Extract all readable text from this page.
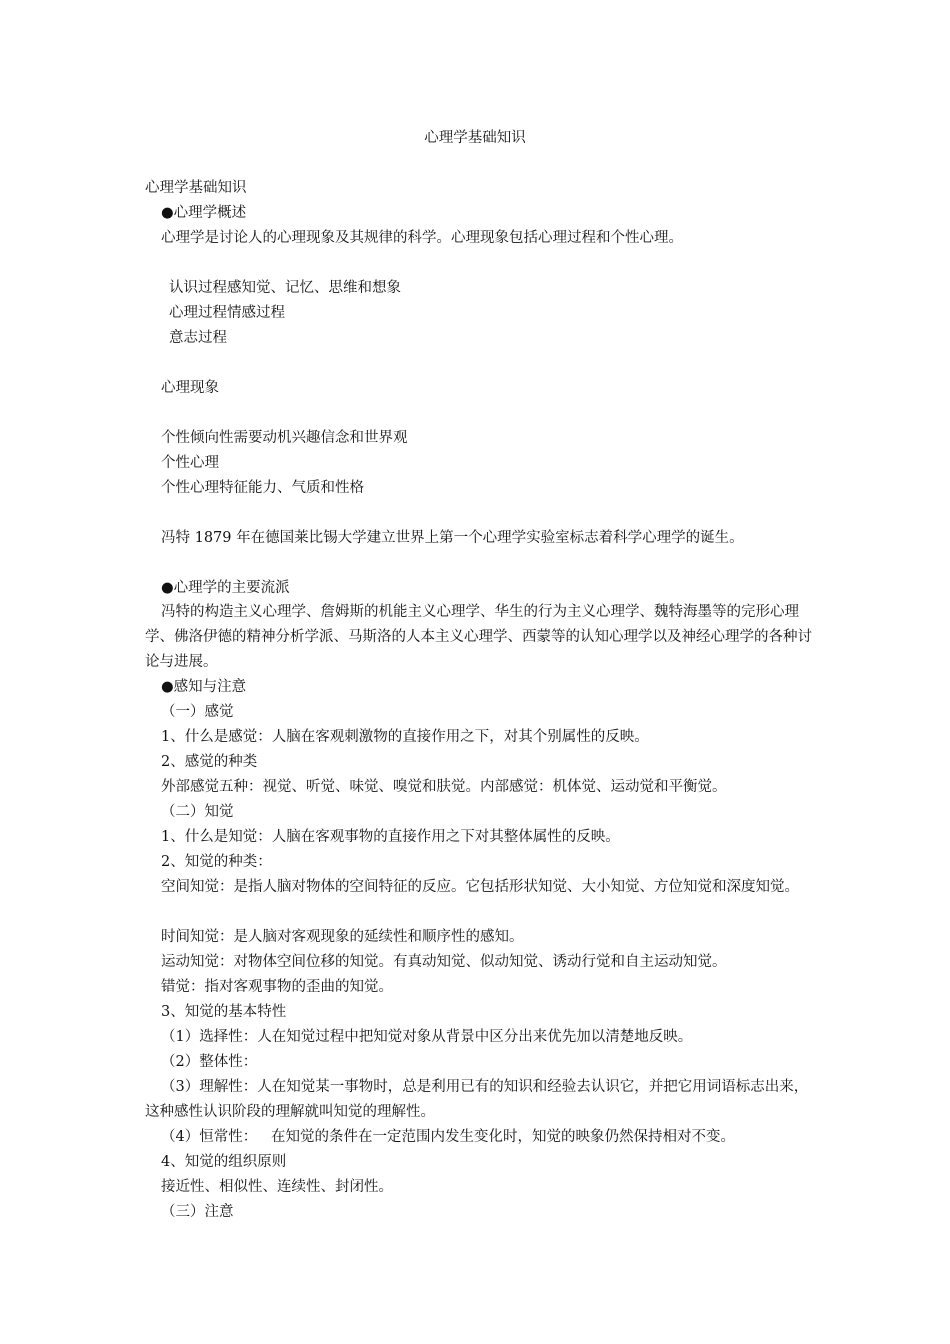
心理学基础知识
心理学基础知识
●心理学概述
心理学是讨论人的心理现象及其规律的科学。心理现象包括心理过程和个性心理。
认识过程感知觉、记忆、思维和想象
心理过程情感过程
意志过程
心理现象
个性倾向性需要动机兴趣信念和世界观
个性心理
个性心理特征能力、气质和性格
冯特 1879 年在德国莱比锡大学建立世界上第一个心理学实验室标志着科学心理学的诞生。
●心理学的主要流派
冯特的构造主义心理学、詹姆斯的机能主义心理学、华生的行为主义心理学、魏特海墨等的完形心理学、佛洛伊德的精神分析学派、马斯洛的人本主义心理学、西蒙等的认知心理学以及神经心理学的各种讨论与进展。
●感知与注意
（一）感觉
1、什么是感觉：人脑在客观刺激物的直接作用之下，对其个别属性的反映。
2、感觉的种类
外部感觉五种：视觉、听觉、味觉、嗅觉和肤觉。内部感觉：机体觉、运动觉和平衡觉。
（二）知觉
1、什么是知觉：人脑在客观事物的直接作用之下对其整体属性的反映。
2、知觉的种类：
空间知觉：是指人脑对物体的空间特征的反应。它包括形状知觉、大小知觉、方位知觉和深度知觉。
时间知觉：是人脑对客观现象的延续性和顺序性的感知。
运动知觉：对物体空间位移的知觉。有真动知觉、似动知觉、诱动行觉和自主运动知觉。
错觉：指对客观事物的歪曲的知觉。
3、知觉的基本特性
（1）选择性：人在知觉过程中把知觉对象从背景中区分出来优先加以清楚地反映。
（2）整体性：
（3）理解性：人在知觉某一事物时，总是利用已有的知识和经验去认识它，并把它用词语标志出来，这种感性认识阶段的理解就叫知觉的理解性。
（4）恒常性：   在知觉的条件在一定范围内发生变化时，知觉的映象仍然保持相对不变。
4、知觉的组织原则
接近性、相似性、连续性、封闭性。
（三）注意
